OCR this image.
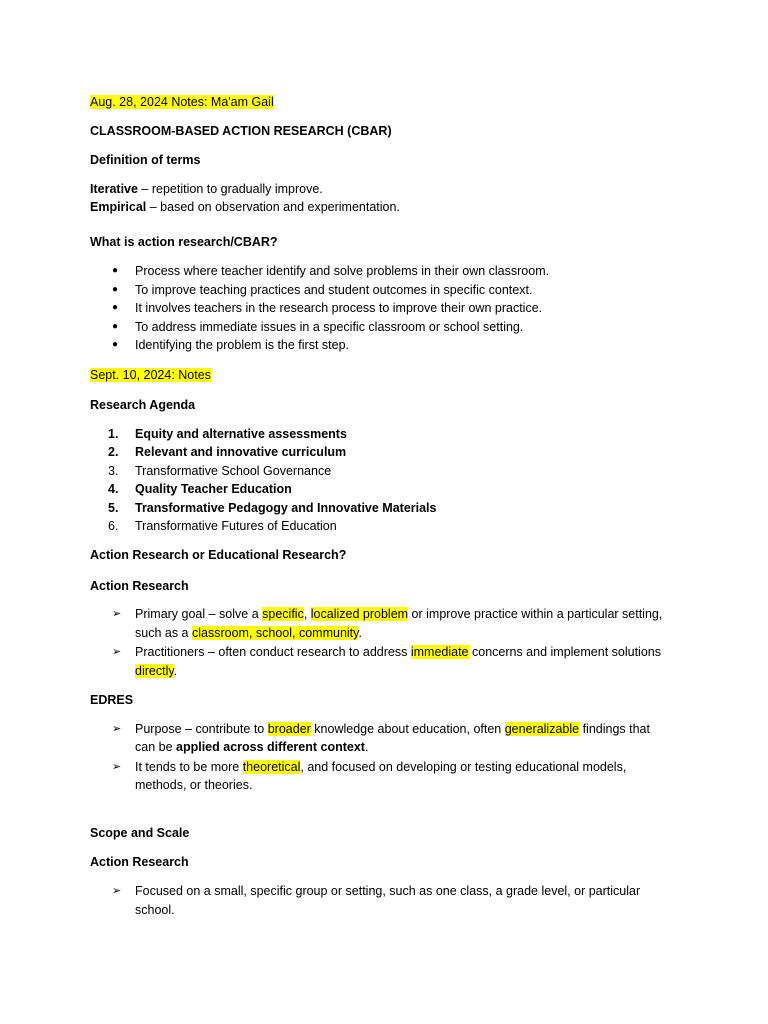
Aug. 28, 2024 Notes: Ma'am Gail
CLASSROOM-BASED ACTION RESEARCH (CBAR)
Definition of terms
Iterative – repetition to gradually improve.
Empirical – based on observation and experimentation.
What is action research/CBAR?
●	Process where teacher identify and solve problems in their own classroom.
●	To improve teaching practices and student outcomes in specific context.
●	It involves teachers in the research process to improve their own practice.
●	To address immediate issues in a specific classroom or school setting.
●	Identifying the problem is the first step.
Sept. 10, 2024: Notes
Research Agenda
1.	Equity and alternative assessments
2.	Relevant and innovative curriculum
3.	Transformative School Governance
4.	Quality Teacher Education
5.	Transformative Pedagogy and Innovative Materials
6.	Transformative Futures of Education
Action Research or Educational Research?
Action Research
➢	Primary goal – solve a specific, localized problem or improve practice within a particular setting,
such as a classroom, school, community.
➢	Practitioners – often conduct research to address immediate concerns and implement solutions
directly.
EDRES
➢	Purpose – contribute to broader knowledge about education, often generalizable findings that
can be applied across different context.
➢	It tends to be more theoretical, and focused on developing or testing educational models,
methods, or theories.
Scope and Scale
Action Research
➢	Focused on a small, specific group or setting, such as one class, a grade level, or particular
school.
